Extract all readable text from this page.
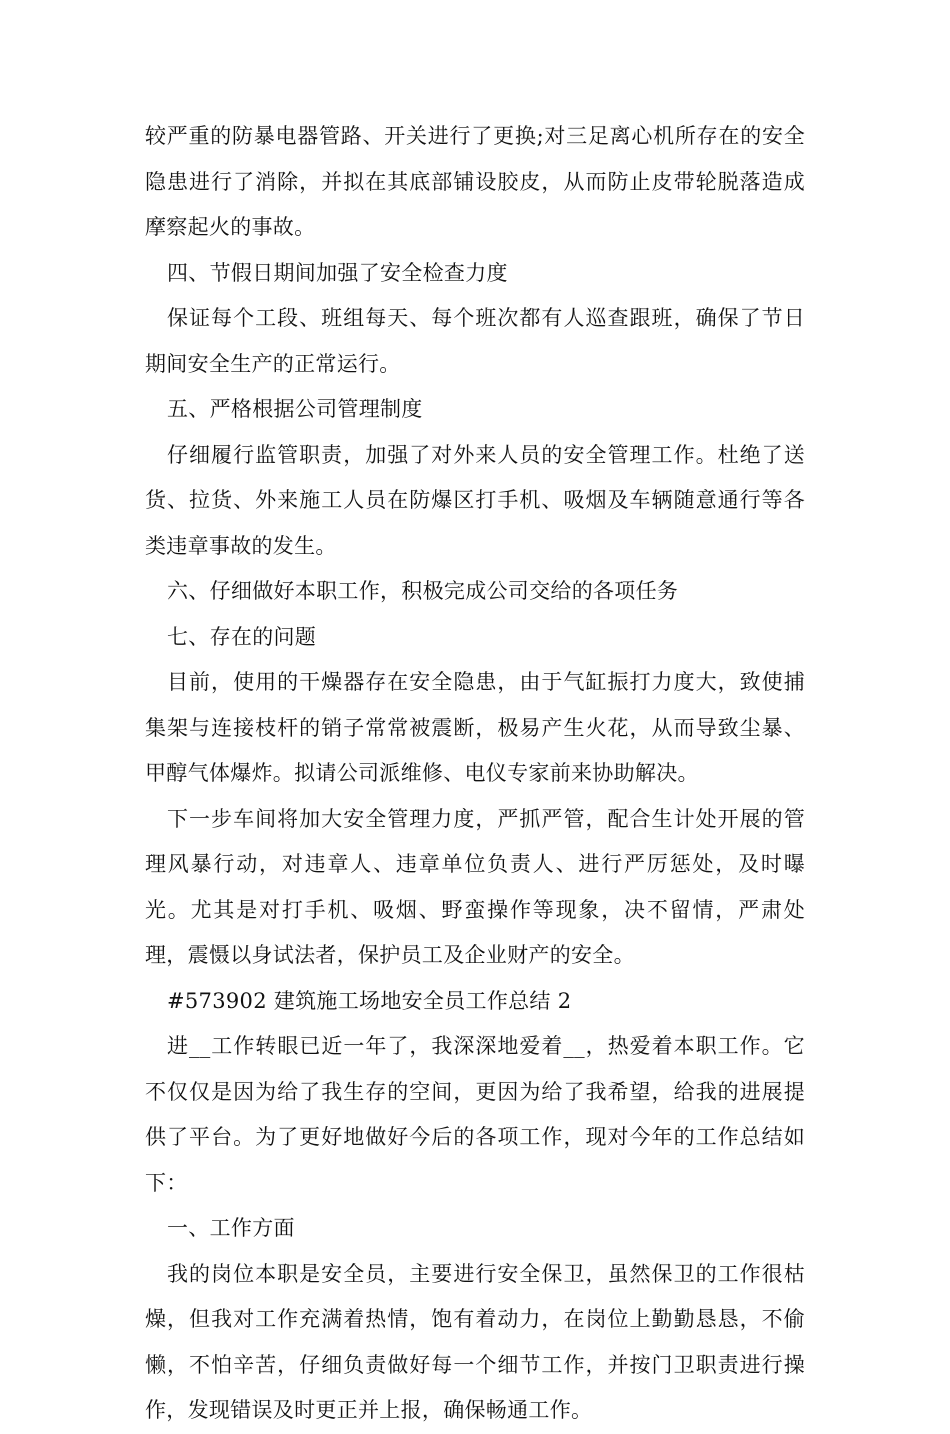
较严重的防暴电器管路、开关进行了更换;对三足离心机所存在的安全隐患进行了消除，并拟在其底部铺设胶皮，从而防止皮带轮脱落造成摩察起火的事故。

四、节假日期间加强了安全检查力度

保证每个工段、班组每天、每个班次都有人巡查跟班，确保了节日期间安全生产的正常运行。

五、严格根据公司管理制度

仔细履行监管职责，加强了对外来人员的安全管理工作。杜绝了送货、拉货、外来施工人员在防爆区打手机、吸烟及车辆随意通行等各类违章事故的发生。

六、仔细做好本职工作，积极完成公司交给的各项任务

七、存在的问题

目前，使用的干燥器存在安全隐患，由于气缸振打力度大，致使捕集架与连接枝杆的销子常常被震断，极易产生火花，从而导致尘暴、甲醇气体爆炸。拟请公司派维修、电仪专家前来协助解决。

下一步车间将加大安全管理力度，严抓严管，配合生计处开展的管理风暴行动，对违章人、违章单位负责人、进行严厉惩处，及时曝光。尤其是对打手机、吸烟、野蛮操作等现象，决不留情，严肃处理，震慑以身试法者，保护员工及企业财产的安全。

#573902 建筑施工场地安全员工作总结 2

进__工作转眼已近一年了，我深深地爱着__，热爱着本职工作。它不仅仅是因为给了我生存的空间，更因为给了我希望，给我的进展提供了平台。为了更好地做好今后的各项工作，现对今年的工作总结如下：

一、工作方面

我的岗位本职是安全员，主要进行安全保卫，虽然保卫的工作很枯燥，但我对工作充满着热情，饱有着动力，在岗位上勤勤恳恳，不偷懒，不怕辛苦，仔细负责做好每一个细节工作，并按门卫职责进行操作，发现错误及时更正并上报，确保畅通工作。
